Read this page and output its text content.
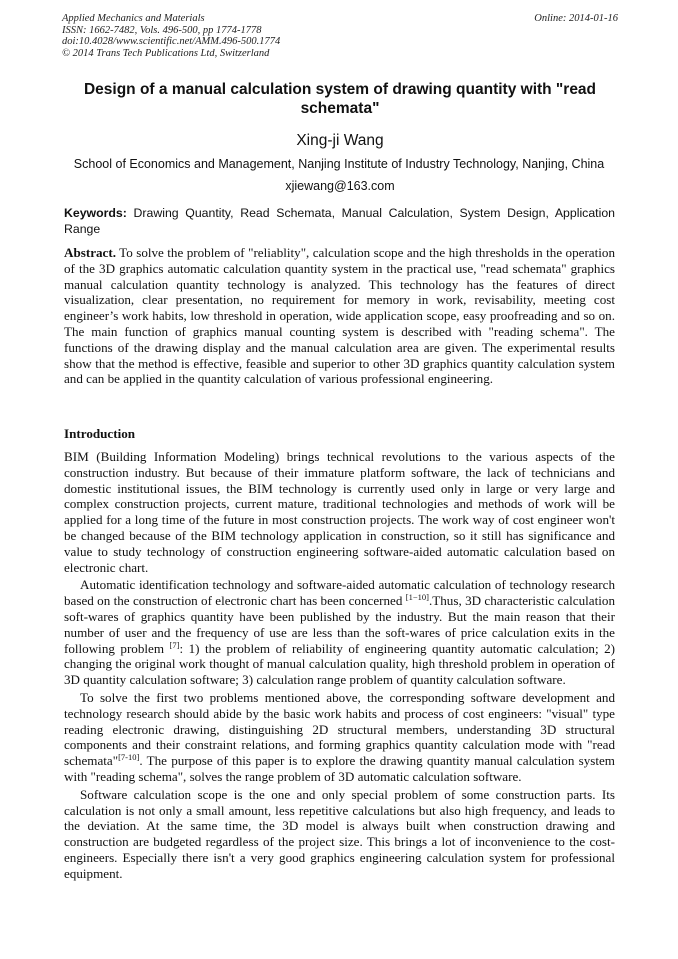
Applied Mechanics and Materials
ISSN: 1662-7482, Vols. 496-500, pp 1774-1778
doi:10.4028/www.scientific.net/AMM.496-500.1774
© 2014 Trans Tech Publications Ltd, Switzerland
Online: 2014-01-16
Design of a manual calculation system of drawing quantity with "read schemata"
Xing-ji Wang
School of Economics and Management, Nanjing Institute of Industry Technology, Nanjing, China
xjiewang@163.com
Keywords: Drawing Quantity, Read Schemata, Manual Calculation, System Design, Application Range
Abstract. To solve the problem of "reliablity", calculation scope and the high thresholds in the operation of the 3D graphics automatic calculation quantity system in the practical use, "read schemata" graphics manual calculation quantity technology is analyzed. This technology has the features of direct visualization, clear presentation, no requirement for memory in work, revisability, meeting cost engineer’s work habits, low threshold in operation, wide application scope, easy proofreading and so on. The main function of graphics manual counting system is described with "reading schema". The functions of the drawing display and the manual calculation area are given. The experimental results show that the method is effective, feasible and superior to other 3D graphics quantity calculation system and can be applied in the quantity calculation of various professional engineering.
Introduction

BIM (Building Information Modeling) brings technical revolutions to the various aspects of the construction industry. But because of their immature platform software, the lack of technicians and domestic institutional issues, the BIM technology is currently used only in large or very large and complex construction projects, current mature, traditional technologies and methods of work will be applied for a long time of the future in most construction projects. The work way of cost engineer won't be changed because of the BIM technology application in construction, so it still has significance and value to study technology of construction engineering software-aided automatic calculation based on electronic chart.

Automatic identification technology and software-aided automatic calculation of technology research based on the construction of electronic chart has been concerned [1−10].Thus, 3D characteristic calculation soft-wares of graphics quantity have been published by the industry. But the main reason that their number of user and the frequency of use are less than the soft-wares of price calculation exits in the following problem [7]: 1) the problem of reliability of engineering quantity automatic calculation; 2) changing the original work thought of manual calculation quality, high threshold problem in operation of 3D quantity calculation software; 3) calculation range problem of quantity calculation software.

To solve the first two problems mentioned above, the corresponding software development and technology research should abide by the basic work habits and process of cost engineers: "visual" type reading electronic drawing, distinguishing 2D structural members, understanding 3D structural components and their constraint relations, and forming graphics quantity calculation mode with "read schemata"[7-10]. The purpose of this paper is to explore the drawing quantity manual calculation system with "reading schema", solves the range problem of 3D automatic calculation software.

Software calculation scope is the one and only special problem of some construction parts. Its calculation is not only a small amount, less repetitive calculations but also high frequency, and leads to the deviation. At the same time, the 3D model is always built when construction drawing and construction are budgeted regardless of the project size. This brings a lot of inconvenience to the cost-engineers. Especially there isn't a very good graphics engineering calculation system for professional equipment.
